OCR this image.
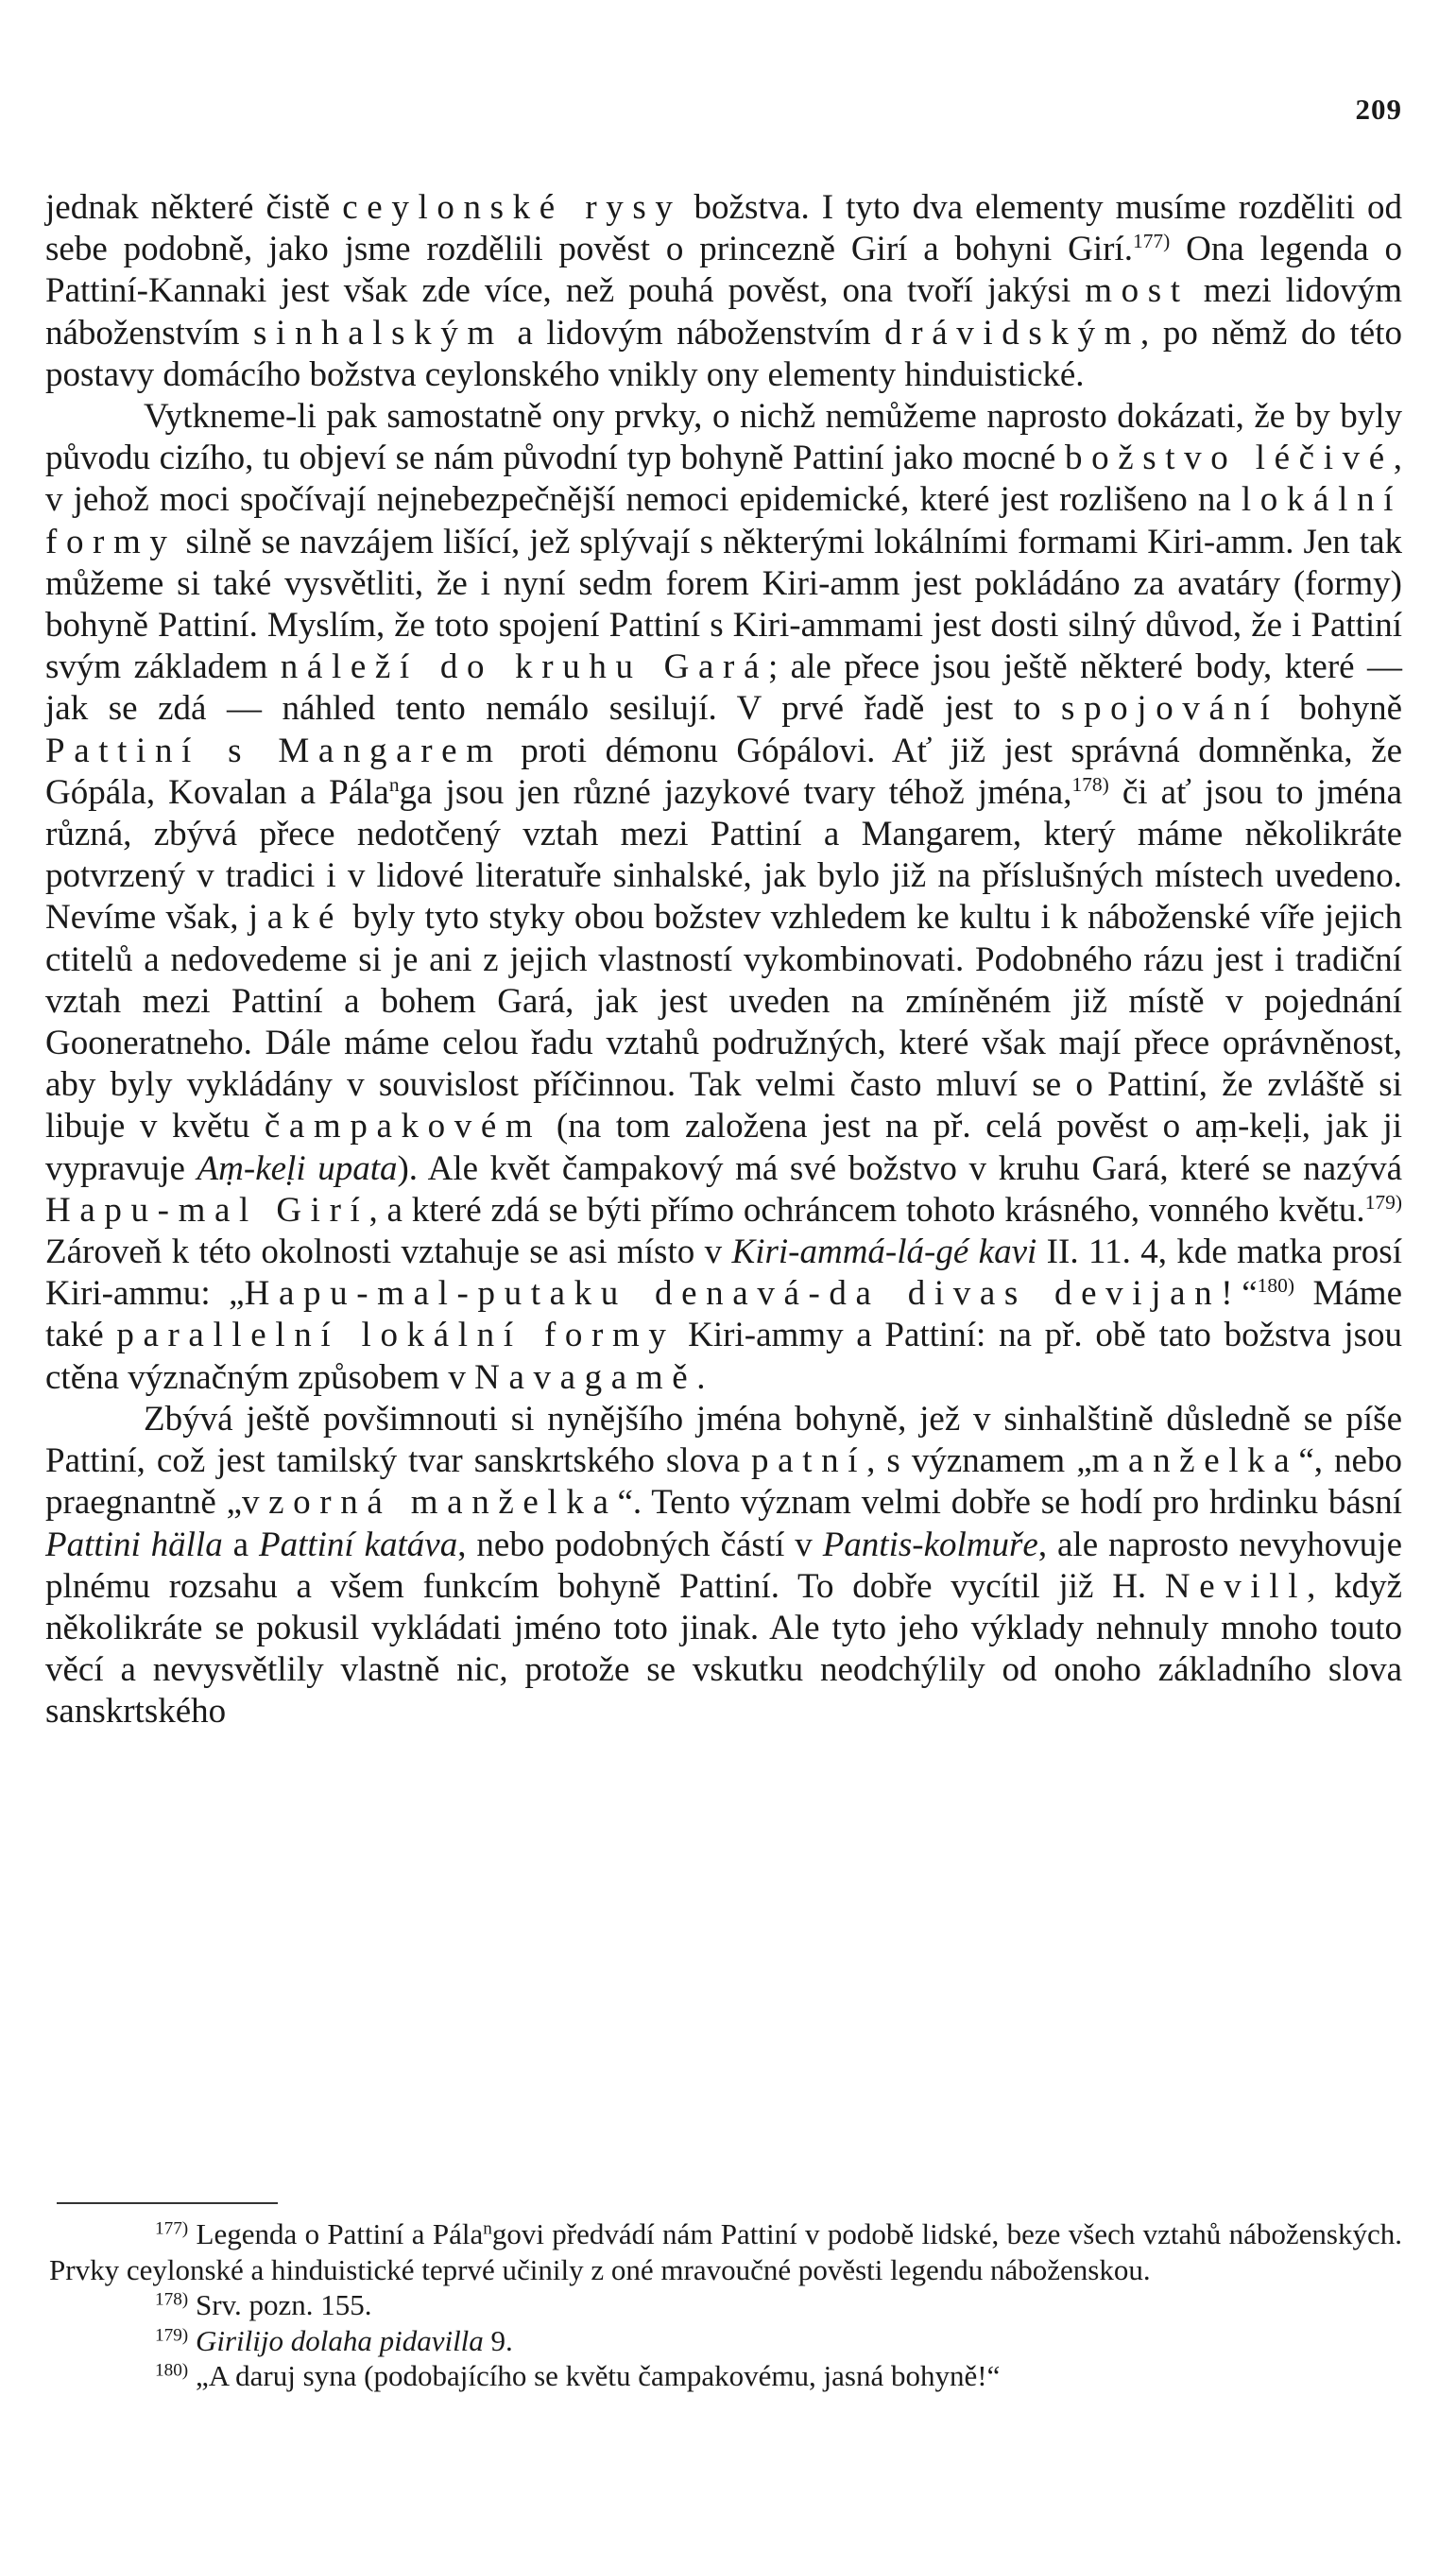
209

jednak některé čistě ceylonské rysy božstva. I tyto dva elementy musíme rozděliti od sebe podobně, jako jsme rozdělili pověst o princezně Girí a bohyni Girí.$^{177)}$ Ona legenda o Pattiní-Kannaki jest však zde více, než pouhá pověst, ona tvoří jakýsi most mezi lidovým náboženstvím sinhalským a lidovým náboženstvím drávidským, po němž do této postavy domácího božstva ceylonského vnikly ony elementy hinduistické.

Vytkneme-li pak samostatně ony prvky, o nichž nemůžeme naprosto dokázati, že by byly původu cizího, tu objeví se nám původní typ bohyně Pattiní jako mocné božstvo léčivé, v jehož moci spočívají nejnebezpečnější nemoci epidemické, které jest rozlišeno na lokální formy silně se navzájem lišící, jež splývají s některými lokálními formami Kiri-amm. Jen tak můžeme si také vysvětliti, že i nyní sedm forem Kiri-amm jest pokládáno za avatáry (formy) bohyně Pattiní. Myslím, že toto spojení Pattiní s Kiri-ammami jest dosti silný důvod, že i Pattiní svým základem náleží do kruhu Gará; ale přece jsou ještě některé body, které — jak se zdá — náhled tento nemálo sesilují. V prvé řadě jest to spojování bohyně Pattiní s Mangarem proti démonu Gópálovi. Ať již jest správná domněnka, že Gópála, Kovalan a Pála$^n$ga jsou jen různé jazykové tvary téhož jména,$^{178)}$ či ať jsou to jména různá, zbývá přece nedotčený vztah mezi Pattiní a Mangarem, který máme několikráte potvrzený v tradici i v lidové literatuře sinhalské, jak bylo již na příslušných místech uvedeno. Nevíme však, jaké byly tyto styky obou božstev vzhledem ke kultu i k náboženské víře jejich ctitelů a nedovedeme si je ani z jejich vlastností vykombinovati. Podobného rázu jest i tradiční vztah mezi Pattiní a bohem Gará, jak jest uveden na zmíněném již místě v pojednání Gooneratneho. Dále máme celou řadu vztahů podružných, které však mají přece oprávněnost, aby byly vykládány v souvislost příčinnou. Tak velmi často mluví se o Pattiní, že zvláště si libuje v květu čampakovém (na tom založena jest na př. celá pověst o aṃ-keḷi, jak ji vypravuje Aṃ-keḷi upata). Ale květ čampakový má své božstvo v kruhu Gará, které se nazývá Hapu-mal Girí, a které zdá se býti přímo ochráncem tohoto krásného, vonného květu.$^{179)}$ Zároveň k této okolnosti vztahuje se asi místo v Kiri-ammá-lá-gé kavi II. 11. 4, kde matka prosí Kiri-ammu: „Hapu-mal-putaku denavá-da divas devijan!“$^{180)}$ Máme také parallelní lokální formy Kiri-ammy a Pattiní: na př. obě tato božstva jsou ctěna význačným způsobem v Navagamě.

Zbývá ještě povšimnouti si nynějšího jména bohyně, jež v sinhalštině důsledně se píše Pattiní, což jest tamilský tvar sanskrtského slova patní, s významem „manželka“, nebo praegnantně „vzorná manželka“. Tento význam velmi dobře se hodí pro hrdinku básní Pattini hälla a Pattiní katáva, nebo podobných částí v Pantis-kolmuře, ale naprosto nevyhovuje plnému rozsahu a všem funkcím bohyně Pattiní. To dobře vycítil již H. Nevill, když několikráte se pokusil vykládati jméno toto jinak. Ale tyto jeho výklady nehnuly mnoho touto věcí a nevysvětlily vlastně nic, protože se vskutku neodchýlily od onoho základního slova sanskrtského

$^{177)}$ Legenda o Pattiní a Pála$^n$govi předvádí nám Pattiní v podobě lidské, beze všech vztahů náboženských. Prvky ceylonské a hinduistické teprvé učinily z oné mravoučné pověsti legendu náboženskou.

$^{178)}$ Srv. pozn. 155.

$^{179)}$ Girilijo dolaha pidavilla 9.

$^{180)}$ „A daruj syna (podobajícího se květu čampakovému, jasná bohyně!“
